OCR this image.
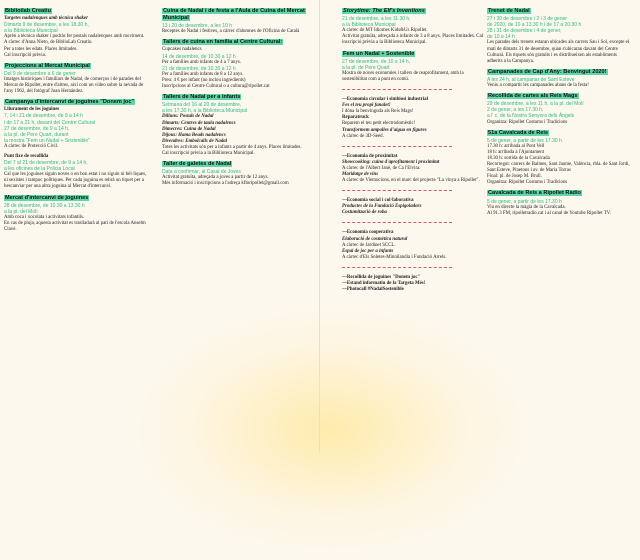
Biblioilab Creatiu
Targetes nadalenques amb tècnica shaker
Dimarts 9 de desembre, a les 18.30 h,
a la Biblioteca Municipal
Aprèn a tècnica shaker i podràs fer postals nadalenques amb moviment.
A càrrec d'Anna Nieto, de BiblioLab Creatiu.
Per a totes les edats. Places limitades.
Cal inscripció prèvia.
Projeccions al Mercat Municipal
Del 9 de desembre a 6 de gener
Imatges històriques i familiars de Nadal, de comerços i de parades del Mercat de Ripollet, entre d'altres, així com un vídeo sobre la nevada de l'any 1962, del fotògraf Joan Hernández.
Campanya d'intercanvi de joguines "Donem joc"
Lliurament de les joguines
7, 14 i 21 de desembre, de 9 a 14 h
i de 17 a 21 h, davant del Centre Cultural
27 de desembre, de 9 a 14 h,
a la pl. de Pere Quart, durant
la mostra "Fem un Nadal + Sostenible"
A càrrec de Protecció Civil.
Punt fixe de recollida
Del 7 al 21 de desembre, de 9 a 14 h,
a les oficines de la Policia Local
Cal que les joguines siguin noves o en bon estat i no siguin ni bèl·liques, ni sexistes i tampoc polítiques. Per cada joguina es rebrà un tiquet per a bescanviar per una altra joguina al Mercat d'intercanvi.
Mercat d'intercanvi de joguines
28 de desembre, de 10.30 a 13.30 h
a la pl. del Molí
Amb coca i xocolata i activitats infantils.
En cas de pluja, aquesta activitat es traslladarà al pati de l'escola Anselm Clavé.
Cuina de Nadal i de festa a l'Aula de Cuina del Mercat Municipal
13 i 20 de desembre, a les 10 h
Receptes de Nadal i festives, a càrrec d'alumnes de l'Oficina de Català
Tallers de cuina en família al Centre Cultural:
Cupcakes nadalencs
14 de desembre, de 10.30 a 12 h
Per a famílies amb infants de 4 a 7 anys.
21 de desembre, de 10.30 a 12 h
Per a famílies amb infants de 8 a 12 anys.
Preu: 4 € per infant (no inclou ingredients)
Inscripcions al Centre Cultural o a cultura@ripollet.cat
Tallers de Nadal per a infants
Setmana del 16 al 20 de desembre,
a les 17.30 h, a la Biblioteca Municipal
Dilluns: Postals de Nadal
Dimarts: Centres de taula nadalencs
Dimecres: Cuina de Nadal
Dijous: Hama Beads nadalencs
Divendres: Embolcalls de Nadal
Totes les activitats són per a infants a partir de 4 anys. Places limitades.
Cal inscripció prèvia a la Biblioteca Municipal.
Taller de galetes de Nadal
Data a confirmar, al Casal de Joves
Activitat gratuïta, adreçada a joves a partir de 12 anys.
Més informació i inscripcions a l'adreça kftoripollet@gmail.com
Storytime: The Elf's Inventions
21 de desembre, a les 11.30 h,
a la Biblioteca Municipal
A càrrec de MT Idiomes Kids&Us Ripollet.
Activitat gratuïta, adreçada a infants de 3 a 8 anys. Places limitades. Cal inscripció prèvia a la Biblioteca Municipal.
Fem un Nadal + Sostenible
27 de desembre, de 10 a 14 h,
a la pl. de Pere Quart
Mostra de noves economies i tallers de reaprofitament, amb la sostenibilitat com a punt en comú.
—Economia circular i simbiosi industrial
Fes el teu propi fanalet!
I dóna la benvinguda als Reis Mags!
Reparatruck
Reparem el teu petit electrodomèstic!
Transformem ampolles d'aigua en figures
A càrrec de 3D-Seed.
—Economia de proximitat
Showcooking: cuina d'aprofitament i proximitat
A càrrec de l'Albert Jané, de Ca l'Elvira.
Maridatge de vins
A càrrec de Viemocions, en el marc del projecte "La vinya a Ripollet".
—Economia social i col·laborativa
Productes de la Fundació Espigoladors
Costumització de roba
—Economia cooperativa
Elaboració de cosmètica natural
A càrrec de Jardinet SCCL.
Espai de joc per a infants
A càrrec d'Els Soletes-Minnilandia i Fundació Arrels.
—Recollida de joguines "Donem joc"
—Estand informatiu de la Targeta Més!
—Photocall #NadalSostenible
Trenet de Nadal
27 i 30 de desembre i 2 i 3 de gener
de 2020, de 10 a 13.30 h i de 17 a 20.30 h
28 i 31 de desembre i 4 de gener,
de 10 a 14 h
Les parades dels trenets estaran ubicades als carrers Sau i Sol, excepte el matí de dimarts 31 de desembre, quan s'ubicaran davant del Centre Cultural. Els tiquets són gratuïts i es distribueixen als establiments adherits a la Campanya.
Campanades de Cap d'Any: Benvingut 2020!
A les 24 h, al campanar de Sant Esteve
Veniu a compartir les campanades abans de la festa!
Recollida de cartes als Reis Mags
29 de desembre, a les 11 h, a la pl. del Molí
2 de gener, a les 17.30 h,
a l' c. de la Nostra Senyora dels Àngels
Organitza: Ripollet Costums i Tradicions
51a Cavalcada de Reis
5 de gener, a partir de les 17.30 h
17.30 h: arribada al Pont Vell
18 h: arribada a l'Ajuntament
18.30 h: sortida de la Cavalcada
Recorregut: carrers de Balmes, Sant Jaume, València, rbla. de Sant Jordi, Sant Esteve, Pinetons i av. de Maria Torras
Final: pl. de Josep M. Brull.
Organitza: Ripollet Costums i Tradicions
Cavalcada de Reis a Ripollet Ràdio
5 de gener, a partir de les 17.30 h
Viu en directe la màgia de la Cavalcada.
Al 91.3 FM, ripolletradio.cat i al canal de Youtube Ripollet TV.
